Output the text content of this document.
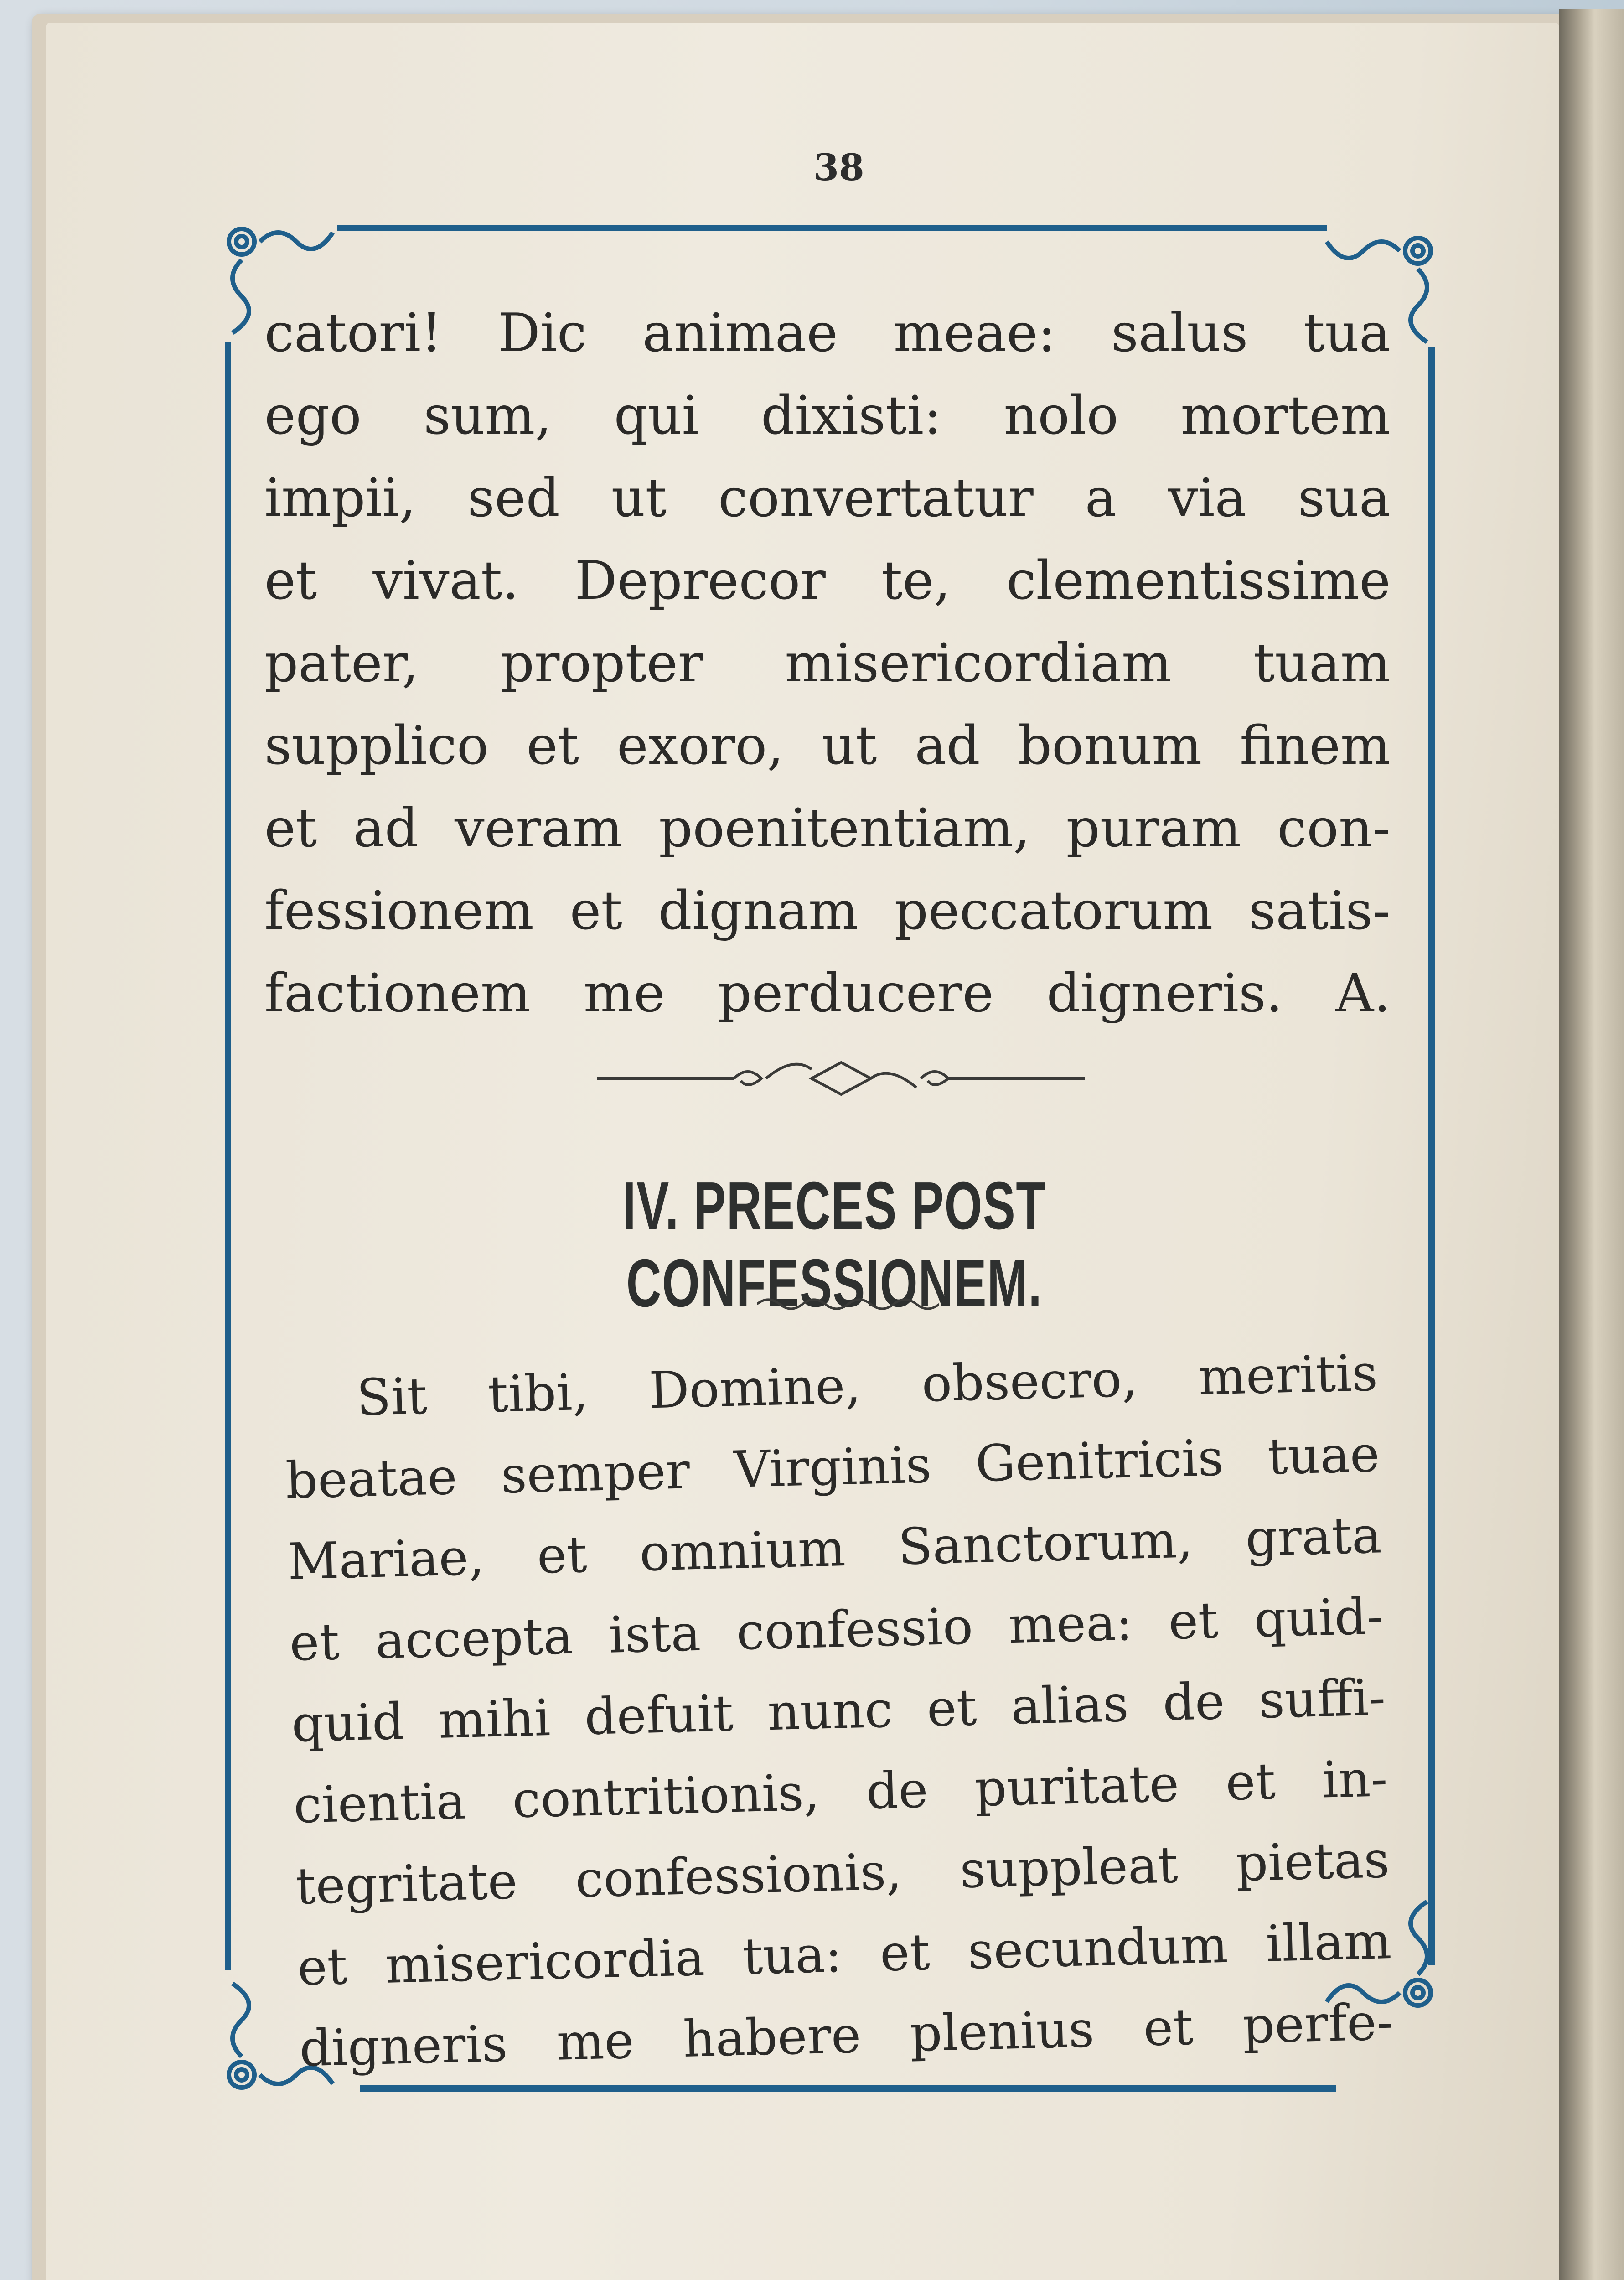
38
catori! Dic animae meae: salus tua
ego sum, qui dixisti: nolo mortem
impii, sed ut convertatur a via sua
et vivat. Deprecor te, clementissime
pater, propter misericordiam tuam
supplico et exoro, ut ad bonum finem
et ad veram poenitentiam, puram con-
fessionem et dignam peccatorum satis-
factionem me perducere digneris. A.
IV. PRECES POST CONFESSIONEM.
Sit tibi, Domine, obsecro, meritis
beatae semper Virginis Genitricis tuae
Mariae, et omnium Sanctorum, grata
et accepta ista confessio mea: et quid-
quid mihi defuit nunc et alias de suffi-
cientia contritionis, de puritate et in-
tegritate confessionis, suppleat pietas
et misericordia tua: et secundum illam
digneris me habere plenius et perfe-
